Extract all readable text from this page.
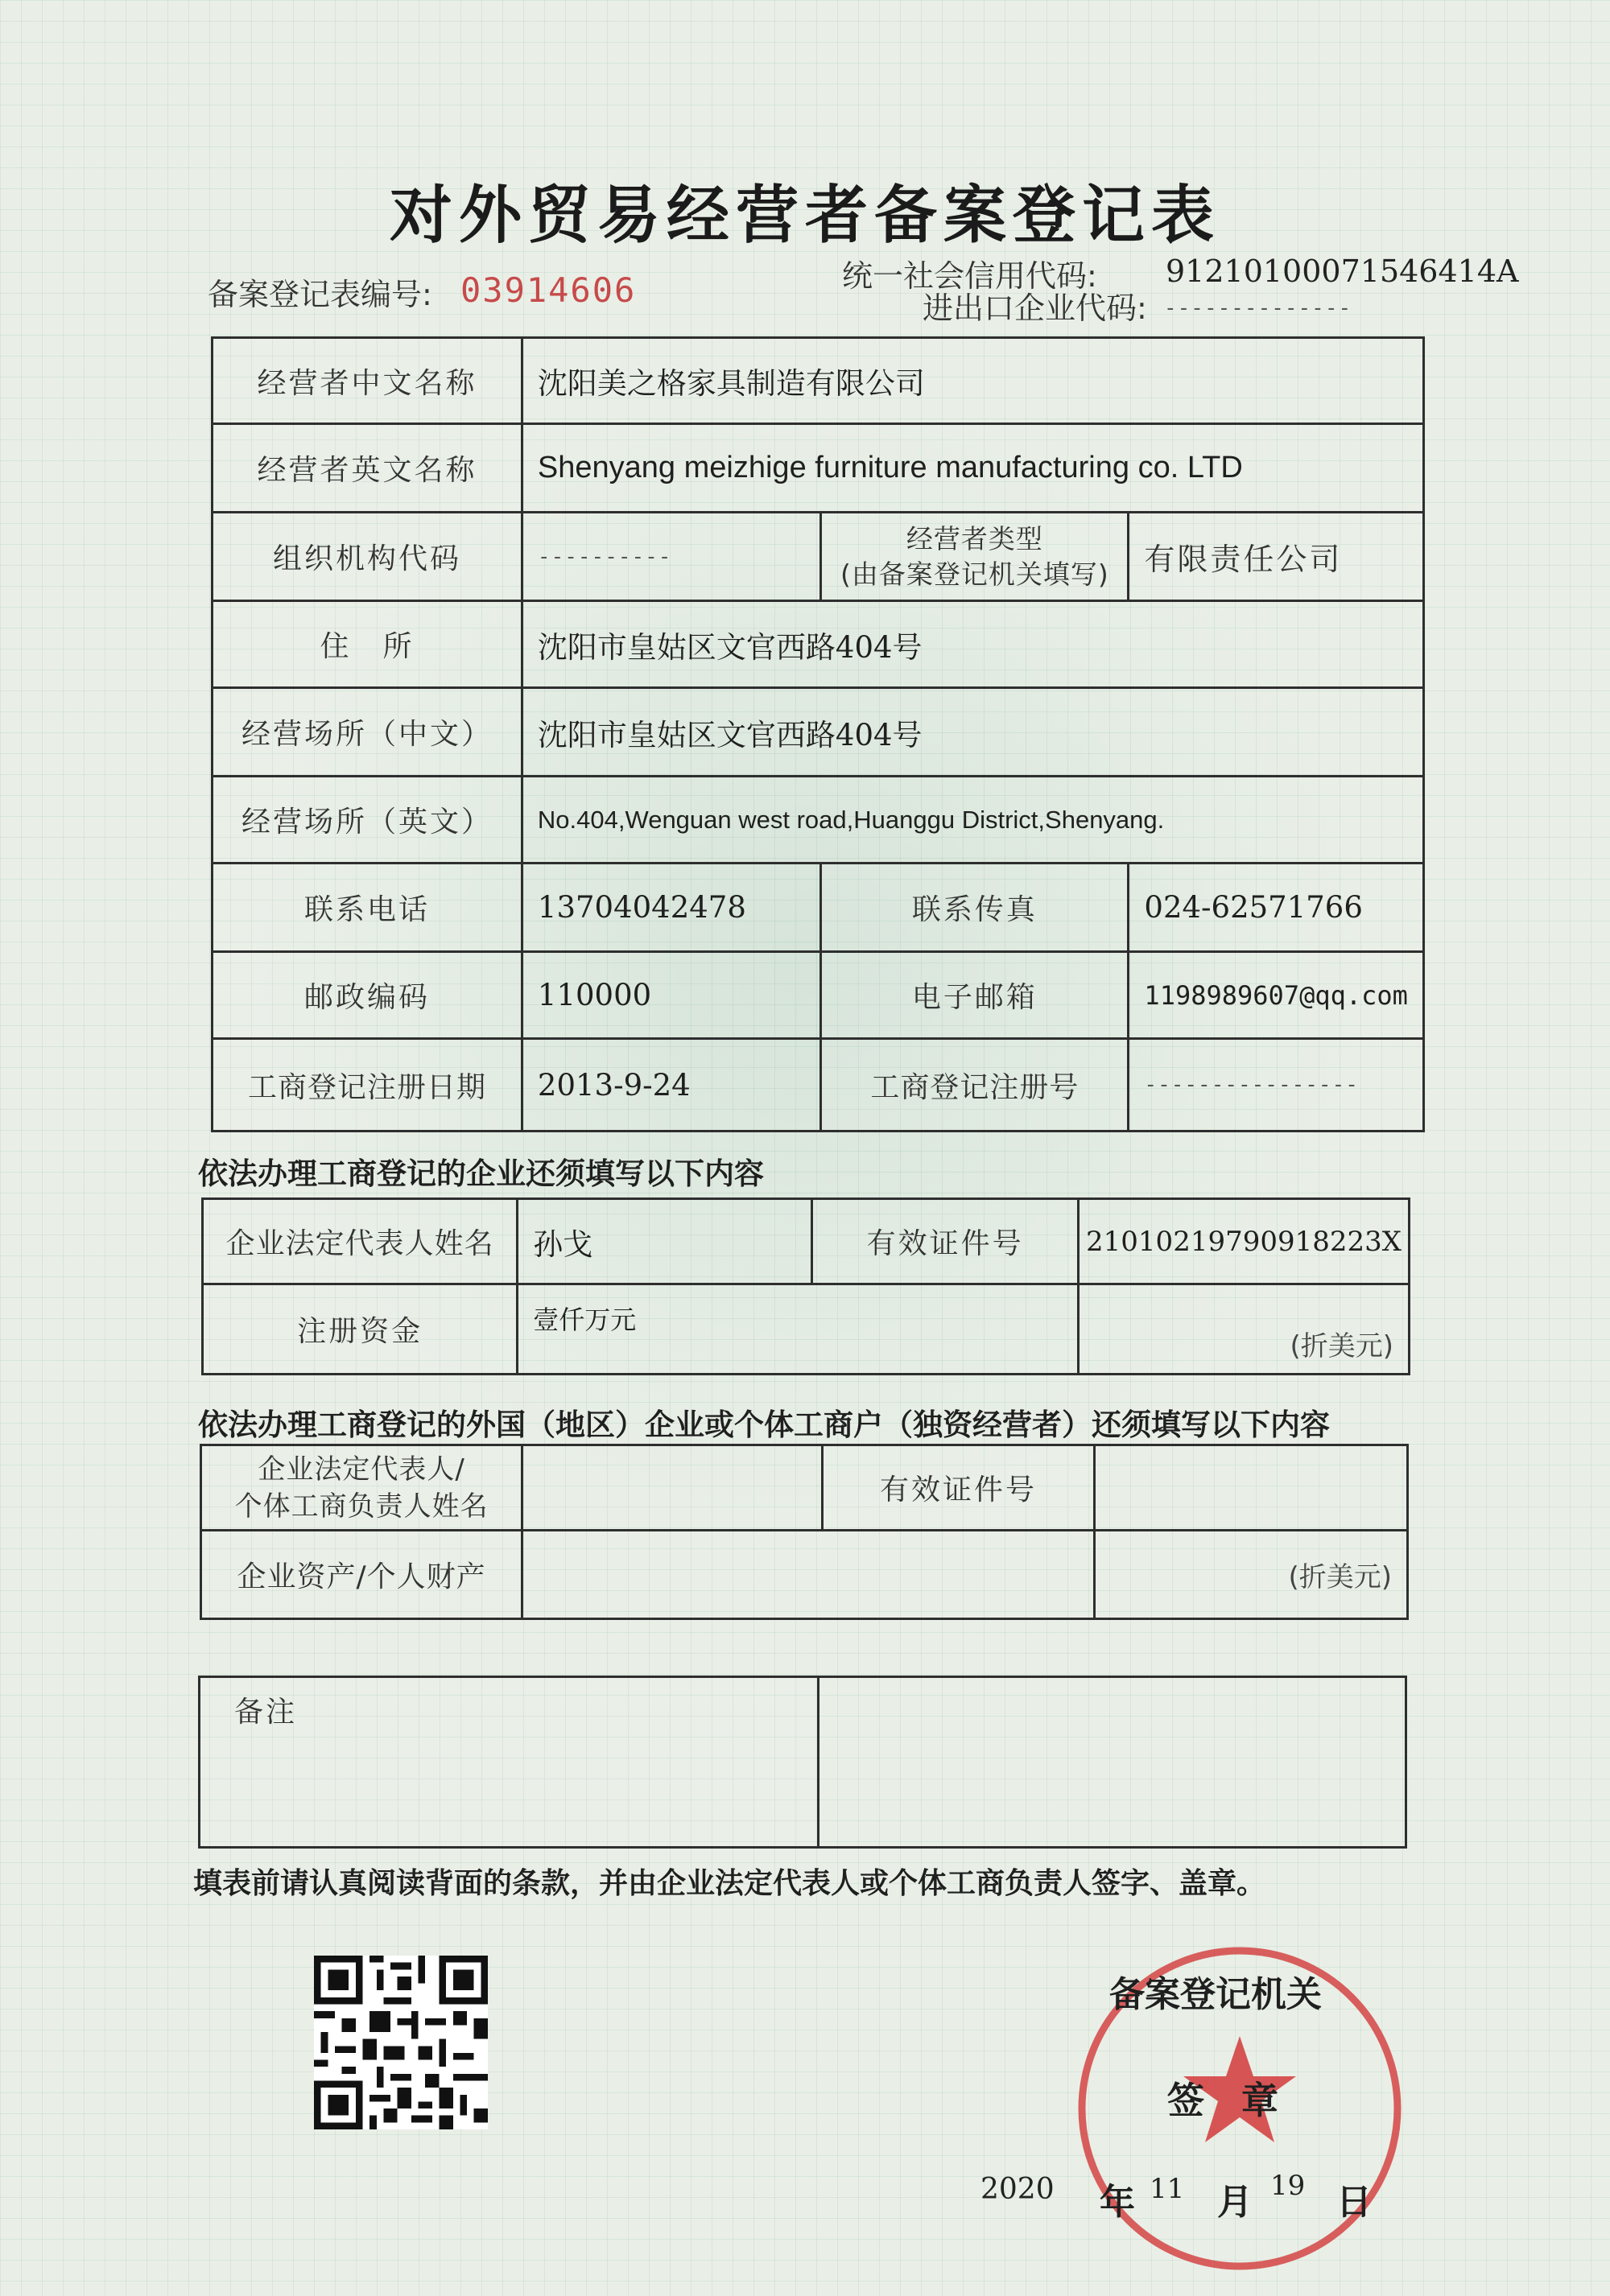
对外贸易经营者备案登记表
备案登记表编号: 03914606	统一社会信用代码: 91210100071546414A
进出口企业代码: --------------
经营者中文名称	沈阳美之格家具制造有限公司		
经营者英文名称	Shenyang meizhige furniture manufacturing co. LTD		
组织机构代码	----------	经营者类型
(由备案登记机关填写)	有限责任公司
住　所	沈阳市皇姑区文官西路404号		
经营场所（中文）	沈阳市皇姑区文官西路404号		
经营场所（英文）	No.404,Wenguan west road,Huanggu District,Shenyang.		
联系电话	13704042478	联系传真	024-62571766
邮政编码	110000	电子邮箱	1198989607@qq.com
工商登记注册日期	2013-9-24	工商登记注册号	----------------
依法办理工商登记的企业还须填写以下内容
企业法定代表人姓名	孙戈	有效证件号	21010219790918223X
注册资金	壹仟万元		(折美元)
依法办理工商登记的外国（地区）企业或个体工商户（独资经营者）还须填写以下内容
企业法定代表人/
个体工商负责人姓名		有效证件号	
企业资产/个人财产			(折美元)
备注	
填表前请认真阅读背面的条款，并由企业法定代表人或个体工商负责人签字、盖章。
备案登记机关
签　章
2020 年 11 月 19 日
